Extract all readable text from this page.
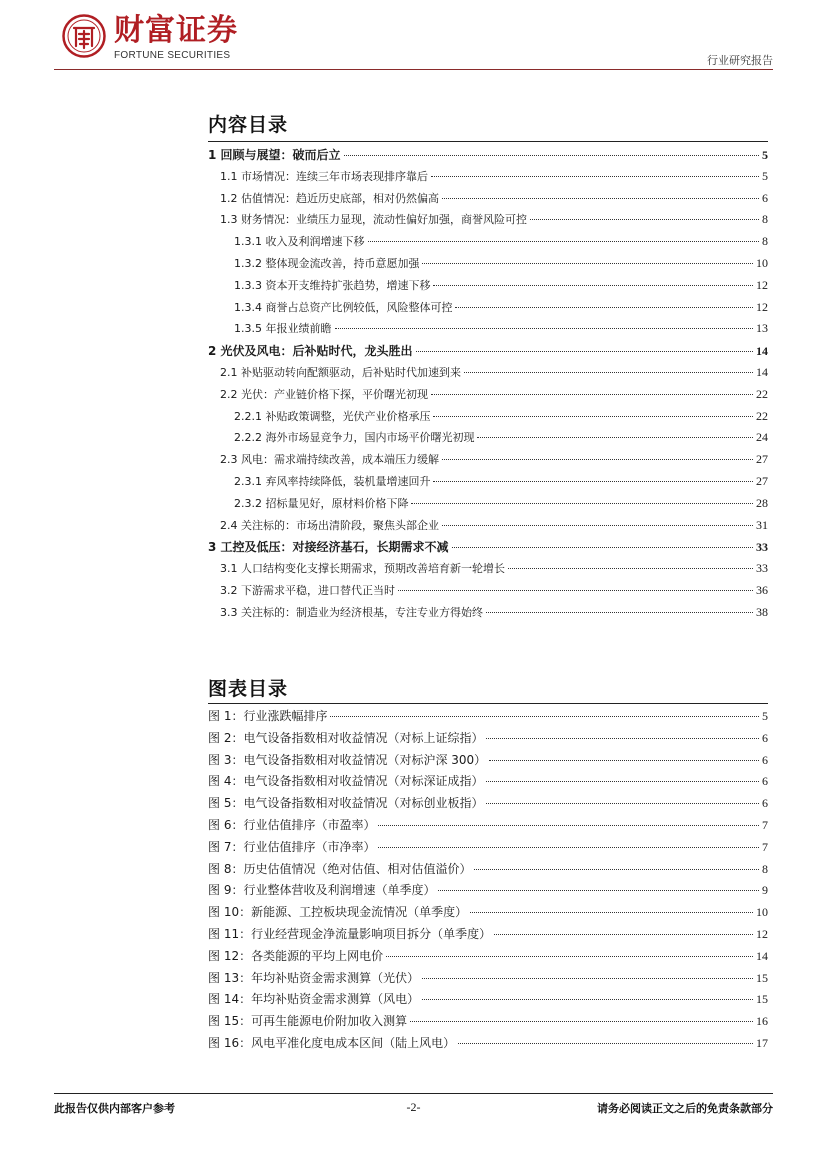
财富证券
FORTUNE SECURITIES	行业研究报告
内容目录
1 回顾与展望：破而后立	5
1.1 市场情况：连续三年市场表现排序靠后	5
1.2 估值情况：趋近历史底部，相对仍然偏高	6
1.3 财务情况：业绩压力显现，流动性偏好加强，商誉风险可控	8
1.3.1 收入及利润增速下移	8
1.3.2 整体现金流改善，持币意愿加强	10
1.3.3 资本开支维持扩张趋势，增速下移	12
1.3.4 商誉占总资产比例较低，风险整体可控	12
1.3.5 年报业绩前瞻	13
2 光伏及风电：后补贴时代，龙头胜出	14
2.1 补贴驱动转向配额驱动，后补贴时代加速到来	14
2.2 光伏：产业链价格下探，平价曙光初现	22
2.2.1 补贴政策调整，光伏产业价格承压	22
2.2.2 海外市场显竞争力，国内市场平价曙光初现	24
2.3 风电：需求端持续改善，成本端压力缓解	27
2.3.1 弃风率持续降低，装机量增速回升	27
2.3.2 招标量见好，原材料价格下降	28
2.4 关注标的：市场出清阶段，聚焦头部企业	31
3 工控及低压：对接经济基石，长期需求不减	33
3.1 人口结构变化支撑长期需求，预期改善培育新一轮增长	33
3.2 下游需求平稳，进口替代正当时	36
3.3 关注标的：制造业为经济根基，专注专业方得始终	38
图表目录
图 1：行业涨跌幅排序	5
图 2：电气设备指数相对收益情况（对标上证综指）	6
图 3：电气设备指数相对收益情况（对标沪深 300）	6
图 4：电气设备指数相对收益情况（对标深证成指）	6
图 5：电气设备指数相对收益情况（对标创业板指）	6
图 6：行业估值排序（市盈率）	7
图 7：行业估值排序（市净率）	7
图 8：历史估值情况（绝对估值、相对估值溢价）	8
图 9：行业整体营收及利润增速（单季度）	9
图 10：新能源、工控板块现金流情况（单季度）	10
图 11：行业经营现金净流量影响项目拆分（单季度）	12
图 12：各类能源的平均上网电价	14
图 13：年均补贴资金需求测算（光伏）	15
图 14：年均补贴资金需求测算（风电）	15
图 15：可再生能源电价附加收入测算	16
图 16：风电平准化度电成本区间（陆上风电）	17
此报告仅供内部客户参考	-2-	请务必阅读正文之后的免责条款部分
